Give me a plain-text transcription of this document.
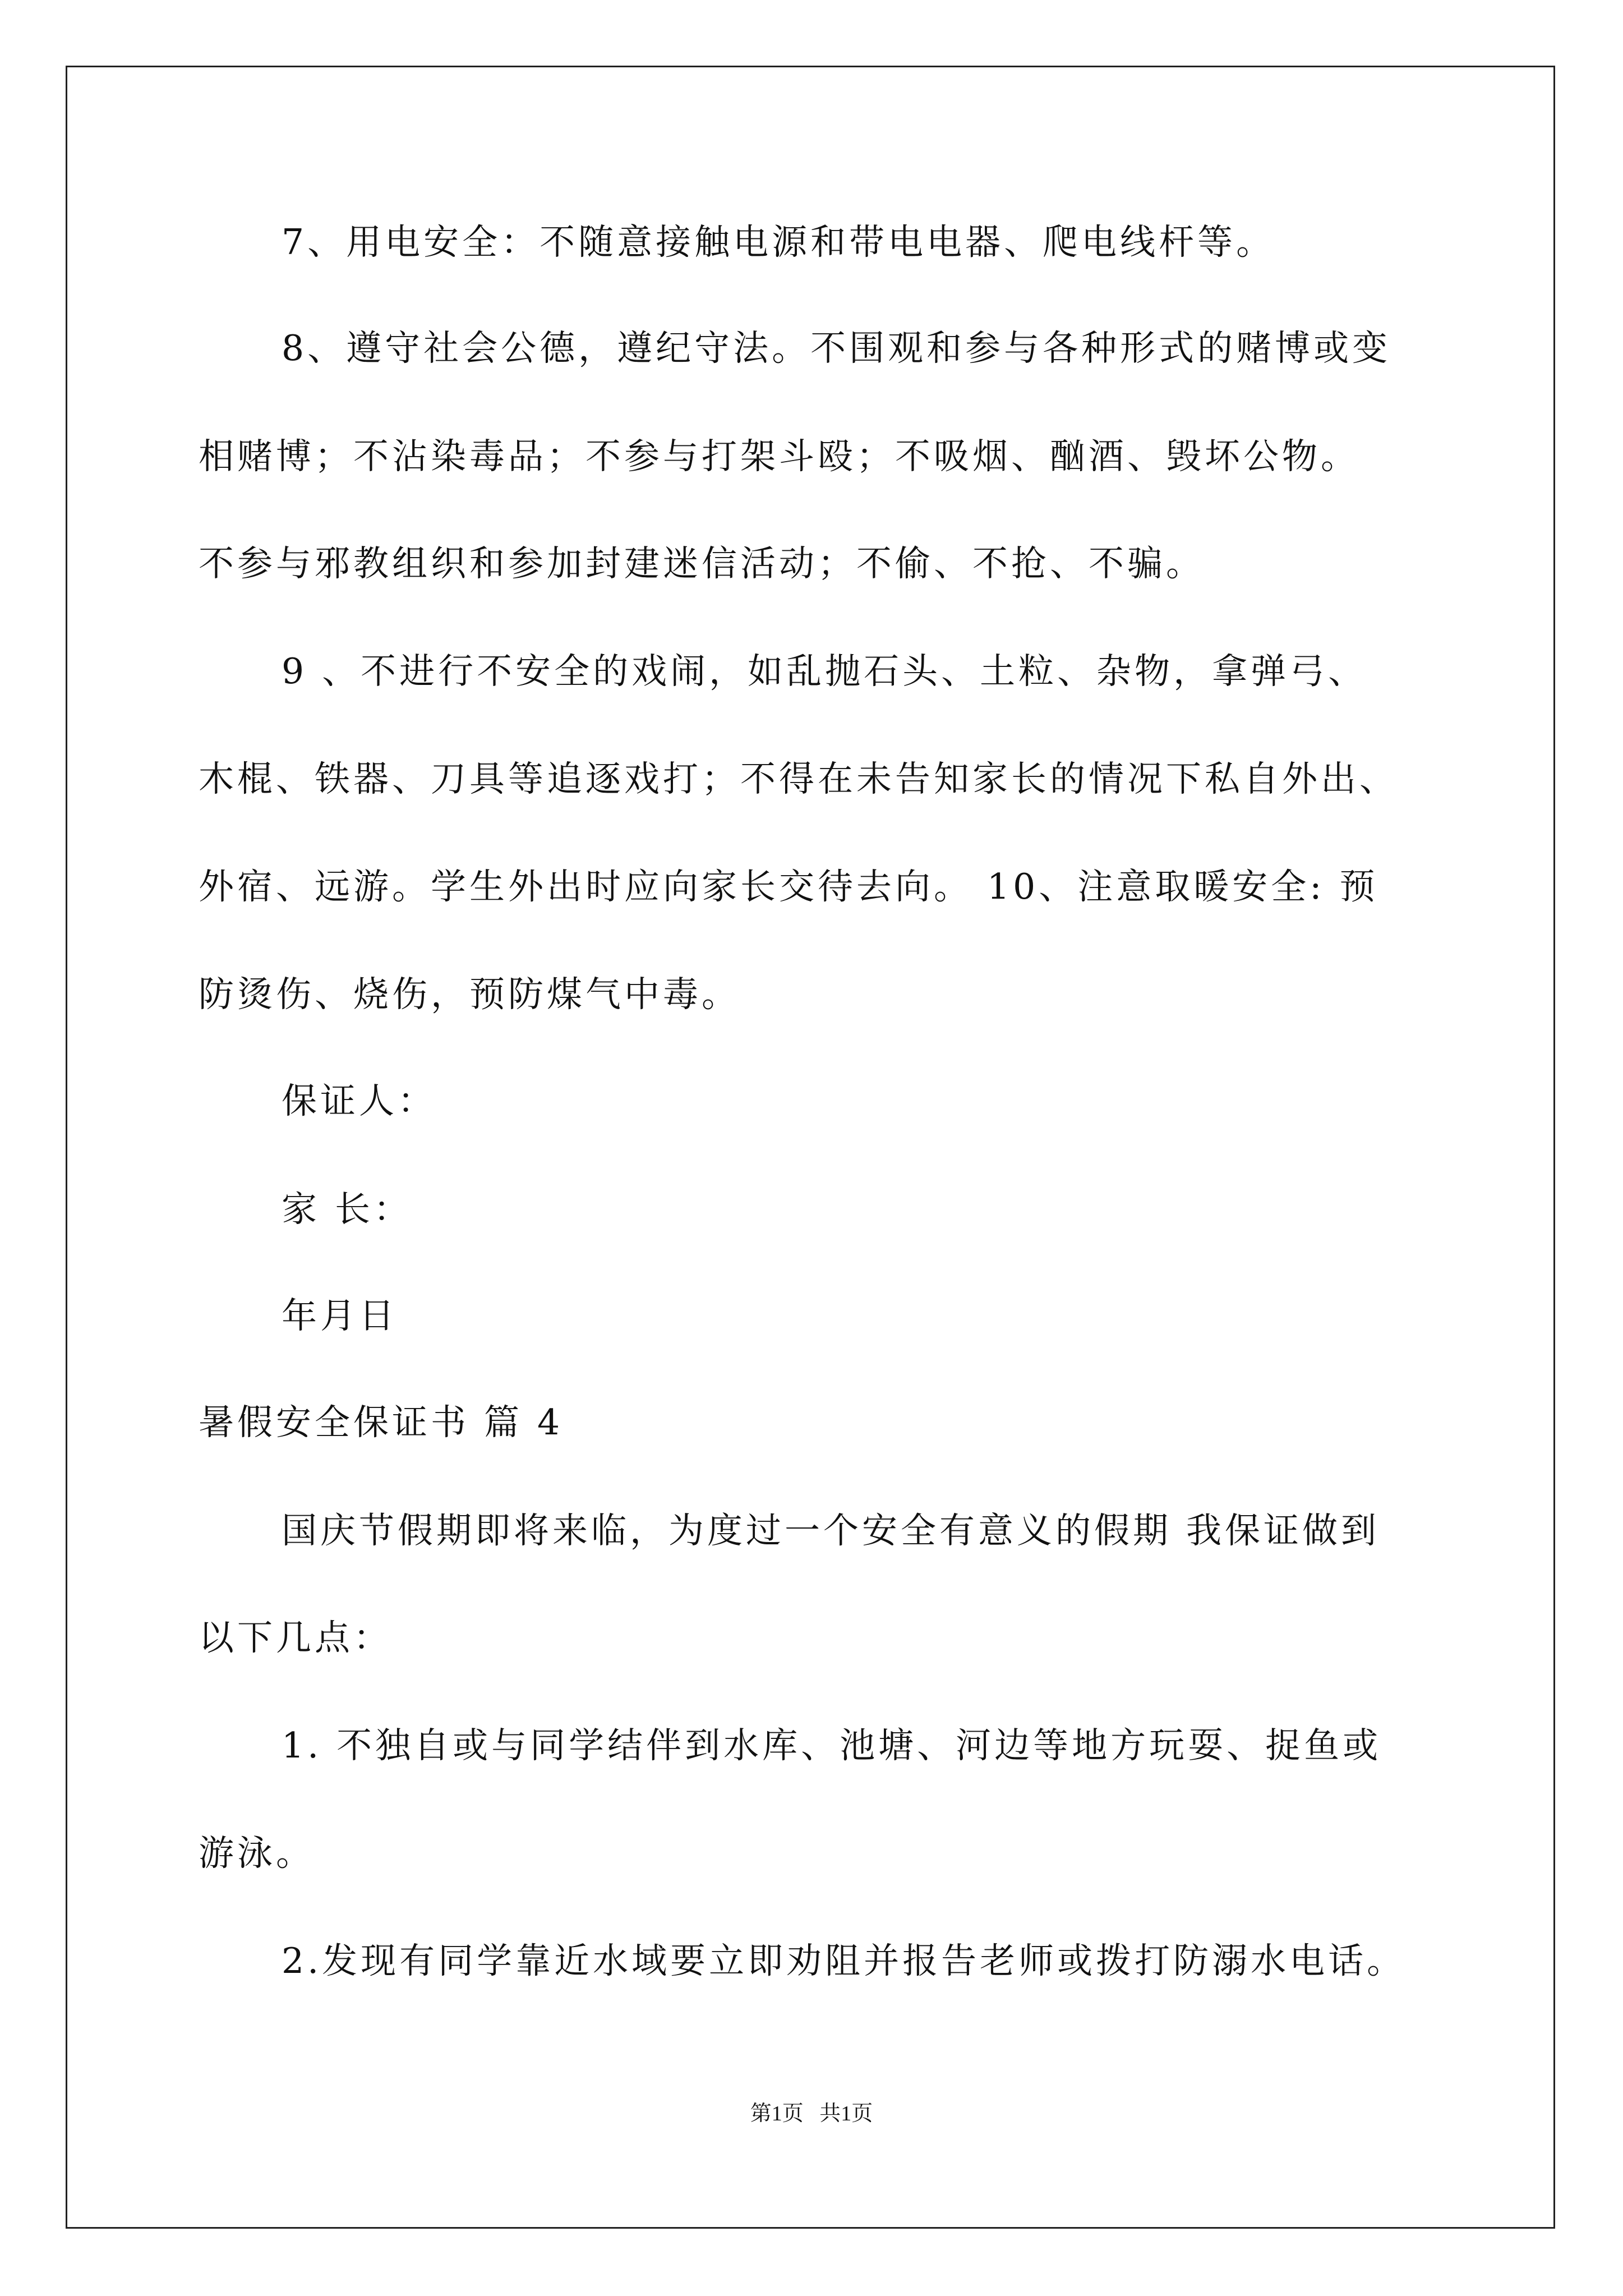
7、用电安全：不随意接触电源和带电电器、爬电线杆等。
8、遵守社会公德，遵纪守法。不围观和参与各种形式的赌博或变
相赌博；不沾染毒品；不参与打架斗殴；不吸烟、酗酒、毁坏公物。
不参与邪教组织和参加封建迷信活动；不偷、不抢、不骗。
9 、不进行不安全的戏闹，如乱抛石头、土粒、杂物，拿弹弓、
木棍、铁器、刀具等追逐戏打；不得在未告知家长的情况下私自外出、
外宿、远游。学生外出时应向家长交待去向。 10、注意取暖安全: 预
防烫伤、烧伤，预防煤气中毒。
保证人：
家 长：
年月日
暑假安全保证书 篇 4
国庆节假期即将来临，为度过一个安全有意义的假期 我保证做到
以下几点：
1. 不独自或与同学结伴到水库、池塘、河边等地方玩耍、捉鱼或
游泳。
2.发现有同学靠近水域要立即劝阻并报告老师或拨打防溺水电话。
第1页   共1页
